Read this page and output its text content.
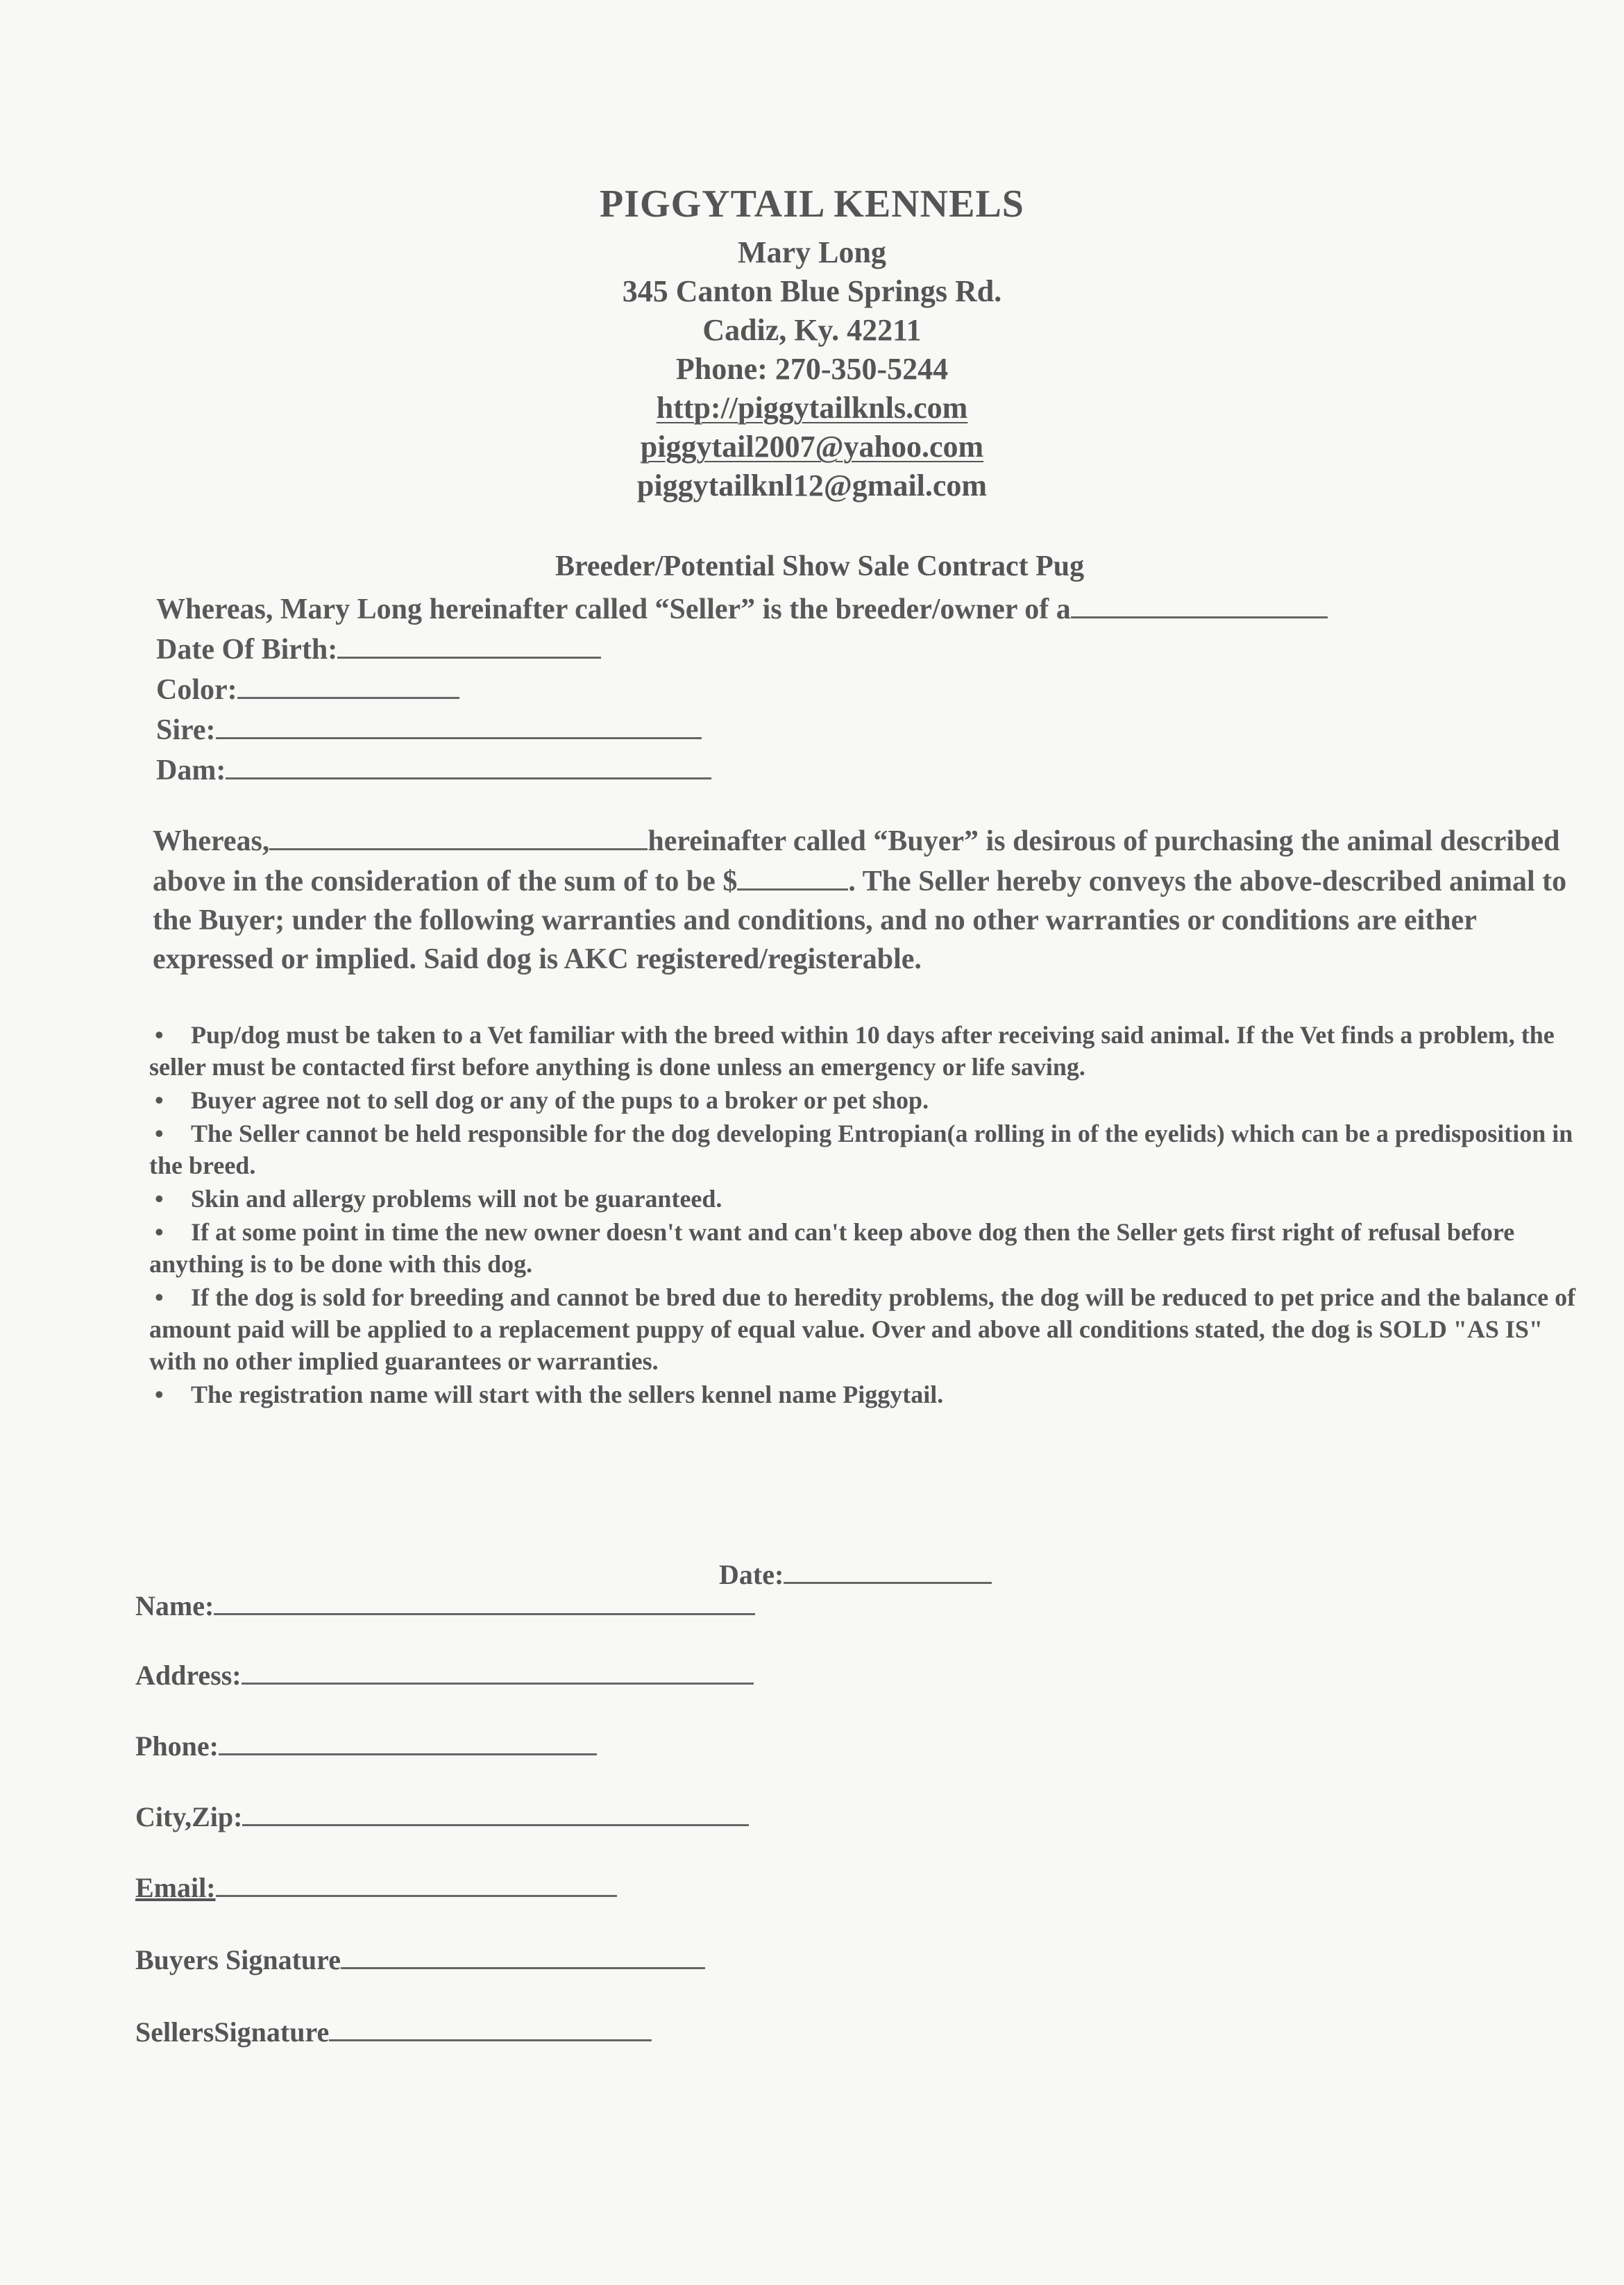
PIGGYTAIL KENNELS
Mary Long
345 Canton Blue Springs Rd.
Cadiz, Ky. 42211
Phone: 270-350-5244
http://piggytailknls.com
piggytail2007@yahoo.com
piggytailknl12@gmail.com
Breeder/Potential Show Sale Contract Pug
Whereas, Mary Long hereinafter called “Seller” is the breeder/owner of a
Date Of Birth:
Color:
Sire:
Dam:
Whereas,	hereinafter called “Buyer” is desirous of purchasing the animal described above in the consideration of the sum of to be $	. The Seller hereby conveys the above-described animal to the Buyer; under the following warranties and conditions, and no other warranties or conditions are either expressed or implied. Said dog is AKC registered/registerable.
• Pup/dog must be taken to a Vet familiar with the breed within 10 days after receiving said animal. If the Vet finds a problem, the seller must be contacted first before anything is done unless an emergency or life saving.
• Buyer agree not to sell dog or any of the pups to a broker or pet shop.
• The Seller cannot be held responsible for the dog developing Entropian(a rolling in of the eyelids) which can be a predisposition in the breed.
• Skin and allergy problems will not be guaranteed.
• If at some point in time the new owner doesn't want and can't keep above dog then the Seller gets first right of refusal before anything is to be done with this dog.
• If the dog is sold for breeding and cannot be bred due to heredity problems, the dog will be reduced to pet price and the balance of amount paid will be applied to a replacement puppy of equal value. Over and above all conditions stated, the dog is SOLD "AS IS" with no other implied guarantees or warranties.
• The registration name will start with the sellers kennel name Piggytail.
Date:
Name:
Address:
Phone:
City,Zip:
Email:
Buyers Signature
SellersSignature
